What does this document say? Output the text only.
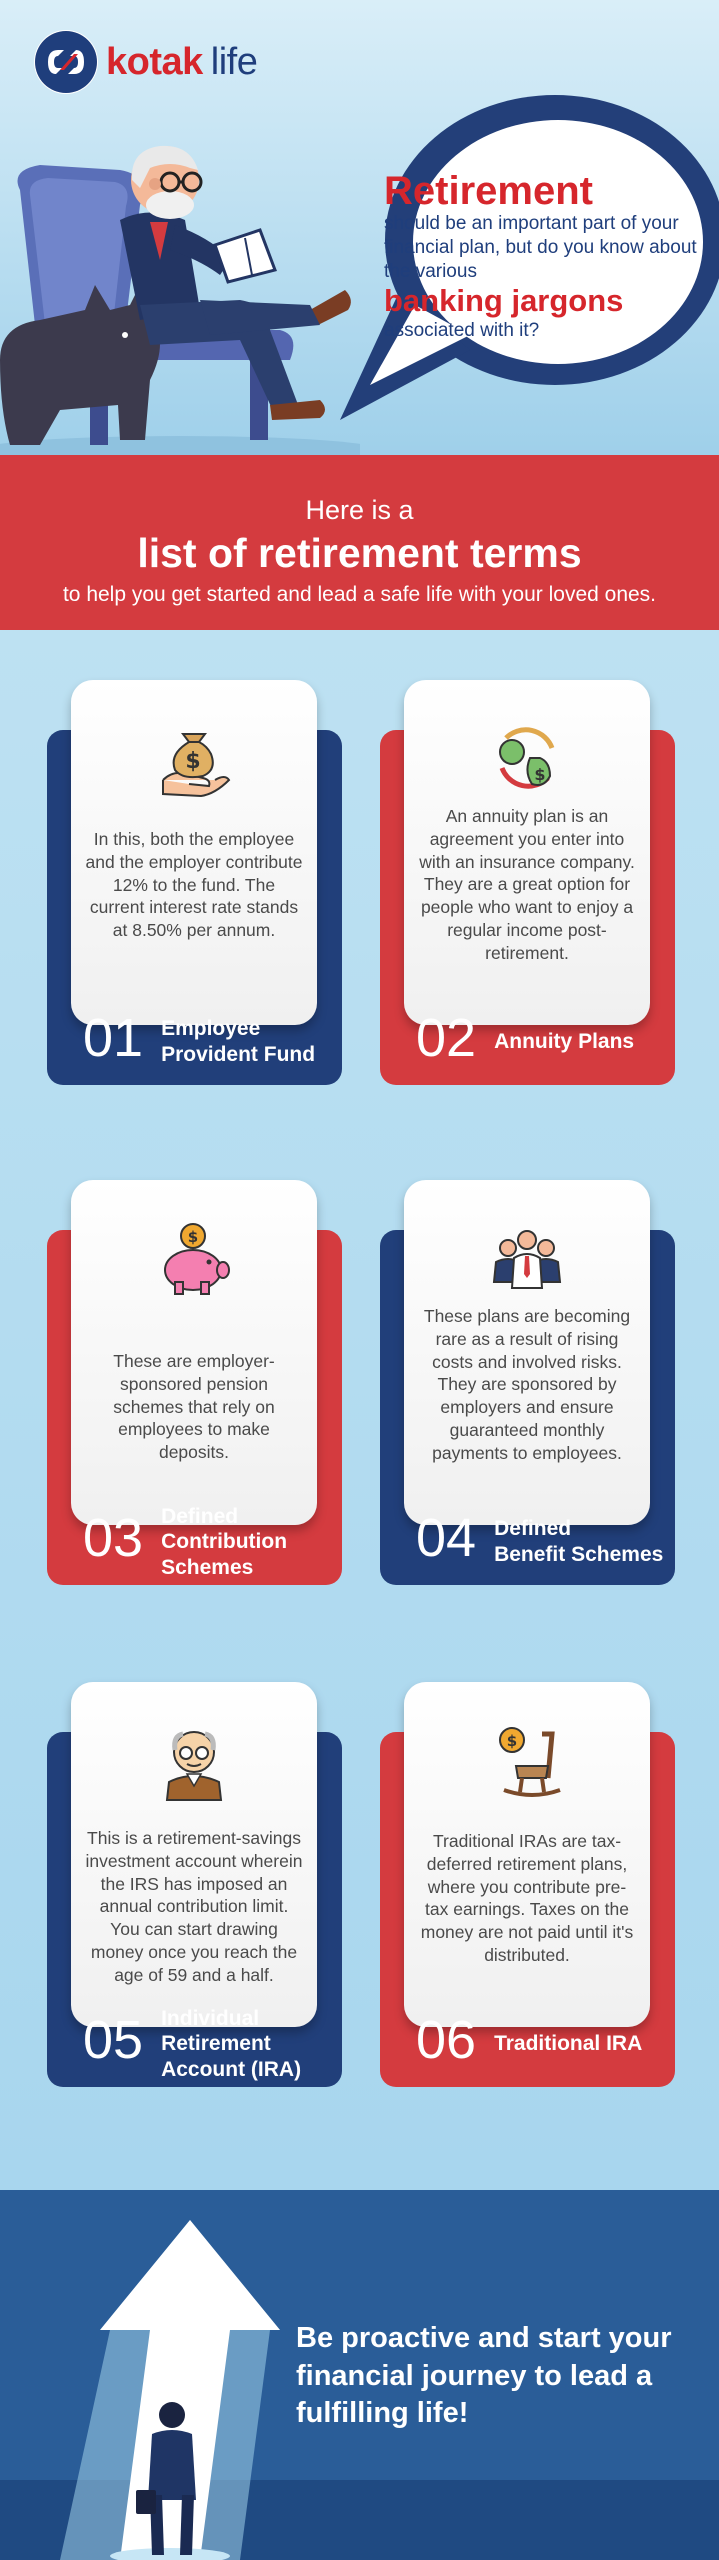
kotak life
Retirement
should be an important part of your financial plan, but do you know about the various
banking jargons
associated with it?
Here is a
list of retirement terms
to help you get started and lead a safe life with your loved ones.
$
In this, both the employee and the employer contribute 12% to the fund. The current interest rate stands at 8.50% per annum.
01 Employee
Provident Fund
$
An annuity plan is an agreement you enter into with an insurance company. They are a great option for people who want to enjoy a regular income post-retirement.
02 Annuity Plans
$
These are employer-sponsored pension schemes that rely on employees to make deposits.
03 Defined
Contribution
Schemes
These plans are becoming rare as a result of rising costs and involved risks. They are sponsored by employers and ensure guaranteed monthly payments to employees.
04 Defined
Benefit Schemes
This is a retirement-savings investment account wherein the IRS has imposed an annual contribution limit. You can start drawing money once you reach the age of 59 and a half.
05 Individual
Retirement
Account (IRA)
$
Traditional IRAs are tax-deferred retirement plans, where you contribute pre-tax earnings. Taxes on the money are not paid until it's distributed.
06 Traditional IRA
Be proactive and start your financial journey to lead a fulfilling life!
